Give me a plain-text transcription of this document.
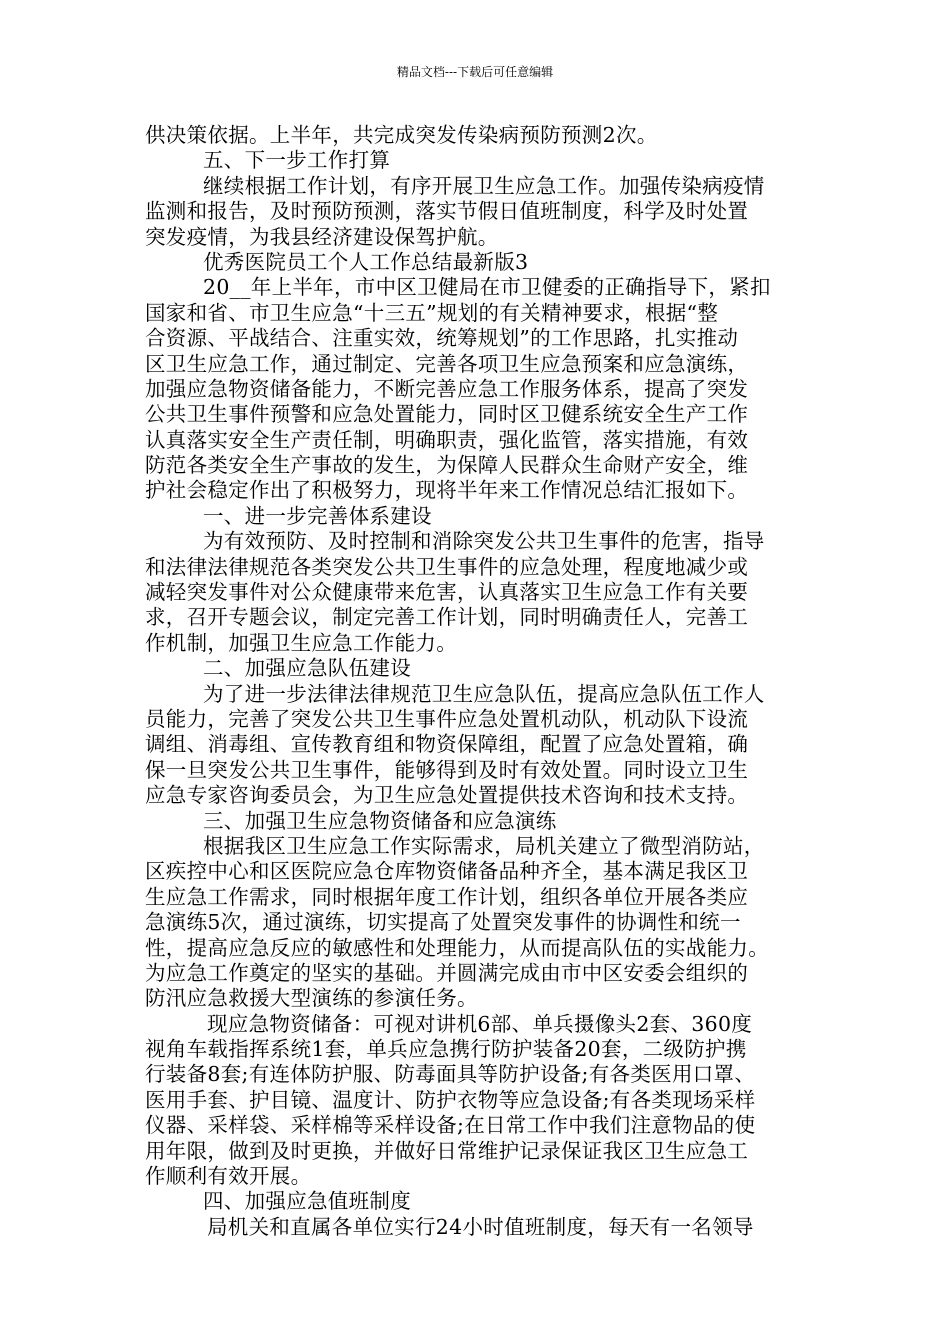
精品文档---下载后可任意编辑
供决策依据。上半年，共完成突发传染病预防预测2次。
五、下一步工作打算
继续根据工作计划，有序开展卫生应急工作。加强传染病疫情
监测和报告，及时预防预测，落实节假日值班制度，科学及时处置
突发疫情，为我县经济建设保驾护航。
优秀医院员工个人工作总结最新版3
20__年上半年，市中区卫健局在市卫健委的正确指导下，紧扣
国家和省、市卫生应急“十三五”规划的有关精神要求，根据“整
合资源、平战结合、注重实效，统筹规划”的工作思路，扎实推动
区卫生应急工作，通过制定、完善各项卫生应急预案和应急演练，
加强应急物资储备能力，不断完善应急工作服务体系，提高了突发
公共卫生事件预警和应急处置能力，同时区卫健系统安全生产工作
认真落实安全生产责任制，明确职责，强化监管，落实措施，有效
防范各类安全生产事故的发生，为保障人民群众生命财产安全，维
护社会稳定作出了积极努力，现将半年来工作情况总结汇报如下。
一、进一步完善体系建设
为有效预防、及时控制和消除突发公共卫生事件的危害，指导
和法律法律规范各类突发公共卫生事件的应急处理，程度地减少或
减轻突发事件对公众健康带来危害，认真落实卫生应急工作有关要
求，召开专题会议，制定完善工作计划，同时明确责任人，完善工
作机制，加强卫生应急工作能力。
二、加强应急队伍建设
为了进一步法律法律规范卫生应急队伍，提高应急队伍工作人
员能力，完善了突发公共卫生事件应急处置机动队，机动队下设流
调组、消毒组、宣传教育组和物资保障组，配置了应急处置箱，确
保一旦突发公共卫生事件，能够得到及时有效处置。同时设立卫生
应急专家咨询委员会，为卫生应急处置提供技术咨询和技术支持。
三、加强卫生应急物资储备和应急演练
根据我区卫生应急工作实际需求，局机关建立了微型消防站，
区疾控中心和区医院应急仓库物资储备品种齐全，基本满足我区卫
生应急工作需求，同时根据年度工作计划，组织各单位开展各类应
急演练5次，通过演练，切实提高了处置突发事件的协调性和统一
性，提高应急反应的敏感性和处理能力，从而提高队伍的实战能力。
为应急工作奠定的坚实的基础。并圆满完成由市中区安委会组织的
防汛应急救援大型演练的参演任务。
现应急物资储备：可视对讲机6部、单兵摄像头2套、360度
视角车载指挥系统1套，单兵应急携行防护装备20套，二级防护携
行装备8套;有连体防护服、防毒面具等防护设备;有各类医用口罩、
医用手套、护目镜、温度计、防护衣物等应急设备;有各类现场采样
仪器、采样袋、采样棉等采样设备;在日常工作中我们注意物品的使
用年限，做到及时更换，并做好日常维护记录保证我区卫生应急工
作顺利有效开展。
四、加强应急值班制度
局机关和直属各单位实行24小时值班制度，每天有一名领导
